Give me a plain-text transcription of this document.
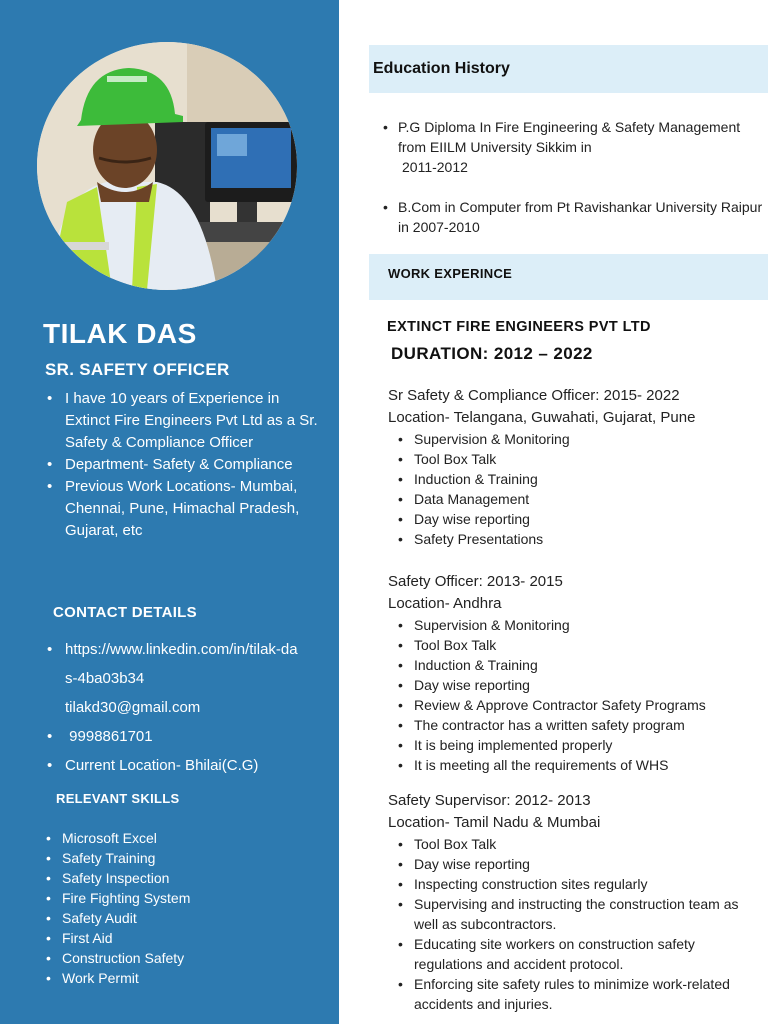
TILAK DAS
SR. SAFETY OFFICER
• I have 10 years of Experience in Extinct Fire Engineers Pvt Ltd as a Sr. Safety & Compliance Officer
• Department- Safety & Compliance
• Previous Work Locations- Mumbai, Chennai, Pune, Himachal Pradesh, Gujarat, etc
CONTACT DETAILS
• https://www.linkedin.com/in/tilak-das-4ba03b34
tilakd30@gmail.com
•  9998861701
• Current Location- Bhilai(C.G)
RELEVANT SKILLS
• Microsoft Excel
• Safety Training
• Safety Inspection
• Fire Fighting System
• Safety Audit
• First Aid
• Construction Safety
• Work Permit
Education History
• P.G Diploma In Fire Engineering & Safety Management from EIILM University Sikkim in
2011-2012
• B.Com in Computer from Pt Ravishankar University Raipur in 2007-2010
WORK EXPERINCE
EXTINCT FIRE ENGINEERS PVT LTD
DURATION: 2012 – 2022
Sr Safety & Compliance Officer: 2015- 2022
Location- Telangana, Guwahati, Gujarat, Pune
• Supervision & Monitoring
• Tool Box Talk
• Induction & Training
• Data Management
• Day wise reporting
• Safety Presentations
Safety Officer: 2013- 2015
Location- Andhra
• Supervision & Monitoring
• Tool Box Talk
• Induction & Training
• Day wise reporting
• Review & Approve Contractor Safety Programs
• The contractor has a written safety program
• It is being implemented properly
• It is meeting all the requirements of WHS
Safety Supervisor: 2012- 2013
Location- Tamil Nadu & Mumbai
• Tool Box Talk
• Day wise reporting
• Inspecting construction sites regularly
• Supervising and instructing the construction team as well as subcontractors.
• Educating site workers on construction safety regulations and accident protocol.
• Enforcing site safety rules to minimize work-related accidents and injuries.
